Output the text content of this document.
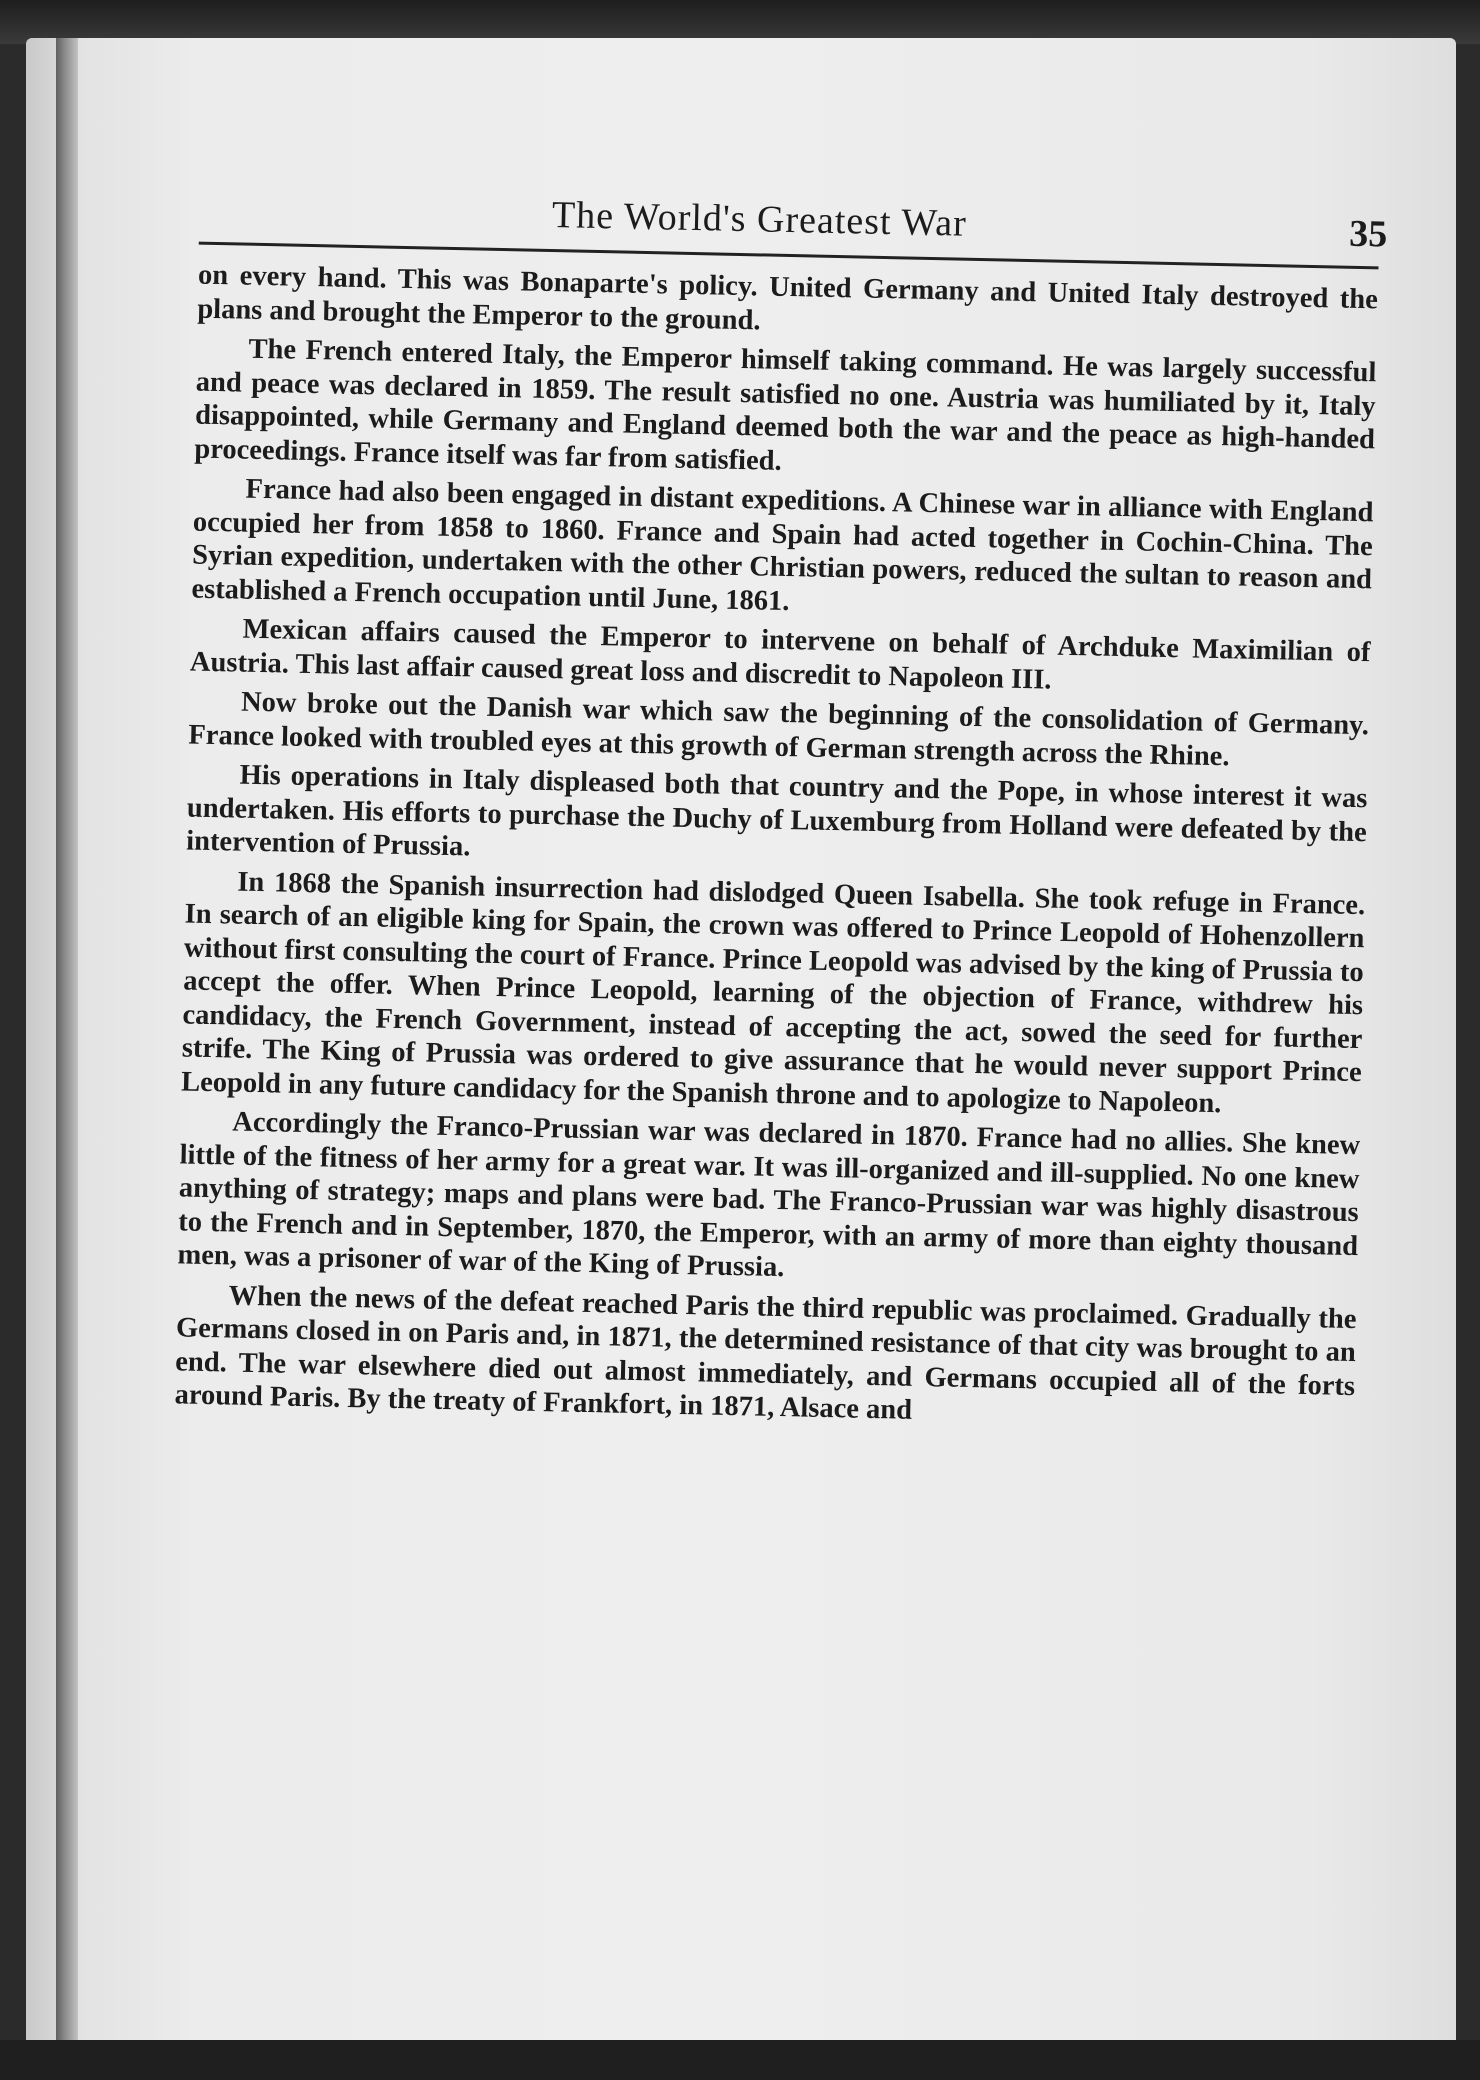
The World's Greatest War	35

on every hand. This was Bonaparte's policy. United Germany and United Italy destroyed the plans and brought the Emperor to the ground.

The French entered Italy, the Emperor himself taking command. He was largely successful and peace was declared in 1859. The result satisfied no one. Austria was humiliated by it, Italy disappointed, while Germany and England deemed both the war and the peace as high-handed proceedings. France itself was far from satisfied.

France had also been engaged in distant expeditions. A Chinese war in alliance with England occupied her from 1858 to 1860. France and Spain had acted together in Cochin-China. The Syrian expedition, undertaken with the other Christian powers, reduced the sultan to reason and established a French occupation until June, 1861.

Mexican affairs caused the Emperor to intervene on behalf of Archduke Maximilian of Austria. This last affair caused great loss and discredit to Napoleon III.

Now broke out the Danish war which saw the beginning of the consolidation of Germany. France looked with troubled eyes at this growth of German strength across the Rhine.

His operations in Italy displeased both that country and the Pope, in whose interest it was undertaken. His efforts to purchase the Duchy of Luxemburg from Holland were defeated by the intervention of Prussia.

In 1868 the Spanish insurrection had dislodged Queen Isabella. She took refuge in France. In search of an eligible king for Spain, the crown was offered to Prince Leopold of Hohenzollern without first consulting the court of France. Prince Leopold was advised by the king of Prussia to accept the offer. When Prince Leopold, learning of the objection of France, withdrew his candidacy, the French Government, instead of accepting the act, sowed the seed for further strife. The King of Prussia was ordered to give assurance that he would never support Prince Leopold in any future candidacy for the Spanish throne and to apologize to Napoleon.

Accordingly the Franco-Prussian war was declared in 1870. France had no allies. She knew little of the fitness of her army for a great war. It was ill-organized and ill-supplied. No one knew anything of strategy; maps and plans were bad. The Franco-Prussian war was highly disastrous to the French and in September, 1870, the Emperor, with an army of more than eighty thousand men, was a prisoner of war of the King of Prussia.

When the news of the defeat reached Paris the third republic was proclaimed. Gradually the Germans closed in on Paris and, in 1871, the determined resistance of that city was brought to an end. The war elsewhere died out almost immediately, and Germans occupied all of the forts around Paris. By the treaty of Frankfort, in 1871, Alsace and
